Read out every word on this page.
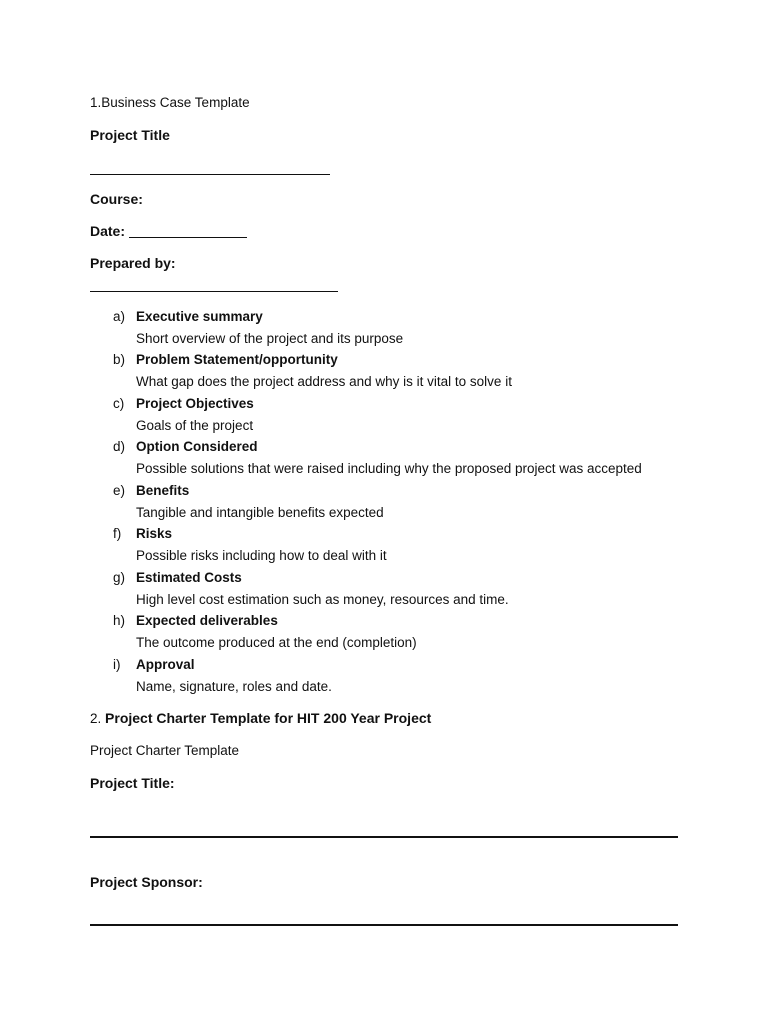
1.Business Case Template
Project Title
Course:
Date:
Prepared by:
a) Executive summary
Short overview of the project and its purpose
b) Problem Statement/opportunity
What gap does the project address and why is it vital to solve it
c) Project Objectives
Goals of the project
d) Option Considered
Possible solutions that were raised including why the proposed project was accepted
e) Benefits
Tangible and intangible benefits expected
f)	Risks
Possible risks including how to deal with it
g) Estimated Costs
High level cost estimation such as money, resources and time.
h) Expected deliverables
The outcome produced at the end (completion)
i)	Approval
Name, signature, roles and date.
2. Project Charter Template for HIT 200 Year Project
Project Charter Template
Project Title:
Project Sponsor:
